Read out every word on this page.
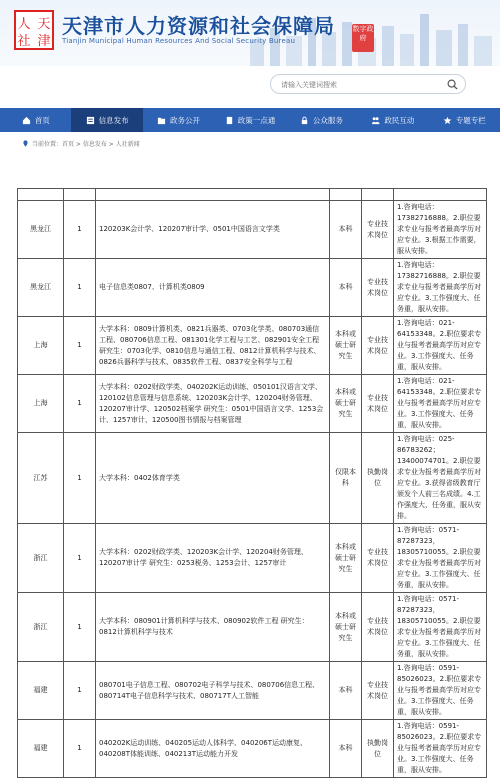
人 天
社 津
天津市人力资源和社会保障局
Tianjin Municipal Human Resources And Social Security Bureau
数字政府
请输入关键词搜索
首页	信息发布	政务公开	政策一点通	公众服务	政民互动	专题专栏
当前位置：首页 > 信息发布 > 人社新闻

黑龙江	1	120203K会计学、120207审计学、0501中国语言文学类	本科	专业技术岗位	1.咨询电话：17382716888。2.职位要求专业与报考者最高学历对应专业。3.根据工作需要，服从安排。
黑龙江	1	电子信息类0807、计算机类0809	本科	专业技术岗位	1.咨询电话：17382716888。2.职位要求专业与报考者最高学历对应专业。3.工作强度大、任务重，服从安排。
上海	1	大学本科：0809计算机类、0821兵器类、0703化学类、080703通信工程、080706信息工程、081301化学工程与工艺、082901安全工程 研究生：0703化学、0810信息与通信工程、0812计算机科学与技术、0826兵器科学与技术、0835软件工程、0837安全科学与工程	本科或硕士研究生	专业技术岗位	1.咨询电话：021-64153348。2.职位要求专业与报考者最高学历对应专业。3.工作强度大、任务重，服从安排。
上海	1	大学本科：0202财政学类、040202K运动训练、050101汉语言文学、120102信息管理与信息系统、120203K会计学、120204财务管理、120207审计学、120502档案学 研究生：0501中国语言文学、1253会计、1257审计、120500图书情报与档案管理	本科或硕士研究生	专业技术岗位	1.咨询电话：021-64153348。2.职位要求专业与报考者最高学历对应专业。3.工作强度大、任务重，服从安排。
江苏	1	大学本科：0402体育学类	仅限本科	执勤岗位	1.咨询电话：025-86783262；13400074701。2.职位要求专业为报考者最高学历对应专业。3.获得省级教育厅颁发个人前三名成绩。4.工作强度大、任务重，服从安排。
浙江	1	大学本科：0202财政学类、120203K会计学、120204财务管理、120207审计学 研究生：0253税务、1253会计、1257审计	本科或硕士研究生	专业技术岗位	1.咨询电话：0571-87287323，18305710055。2.职位要求专业为报考者最高学历对应专业。3.工作强度大、任务重，服从安排。
浙江	1	大学本科：080901计算机科学与技术、080902软件工程 研究生：0812计算机科学与技术	本科或硕士研究生	专业技术岗位	1.咨询电话：0571-87287323，18305710055。2.职位要求专业为报考者最高学历对应专业。3.工作强度大、任务重，服从安排。
福建	1	080701电子信息工程、080702电子科学与技术、080706信息工程、080714T电子信息科学与技术、080717T人工智能	本科	专业技术岗位	1.咨询电话：0591-85026023。2.职位要求专业与报考者最高学历对应专业。3.工作强度大、任务重，服从安排。
福建	1	040202K运动训练、040205运动人体科学、040206T运动康复、040208T体能训练、040213T运动能力开发	本科	执勤岗位	1.咨询电话：0591-85026023。2.职位要求专业与报考者最高学历对应专业。3.工作强度大、任务重，服从安排。
